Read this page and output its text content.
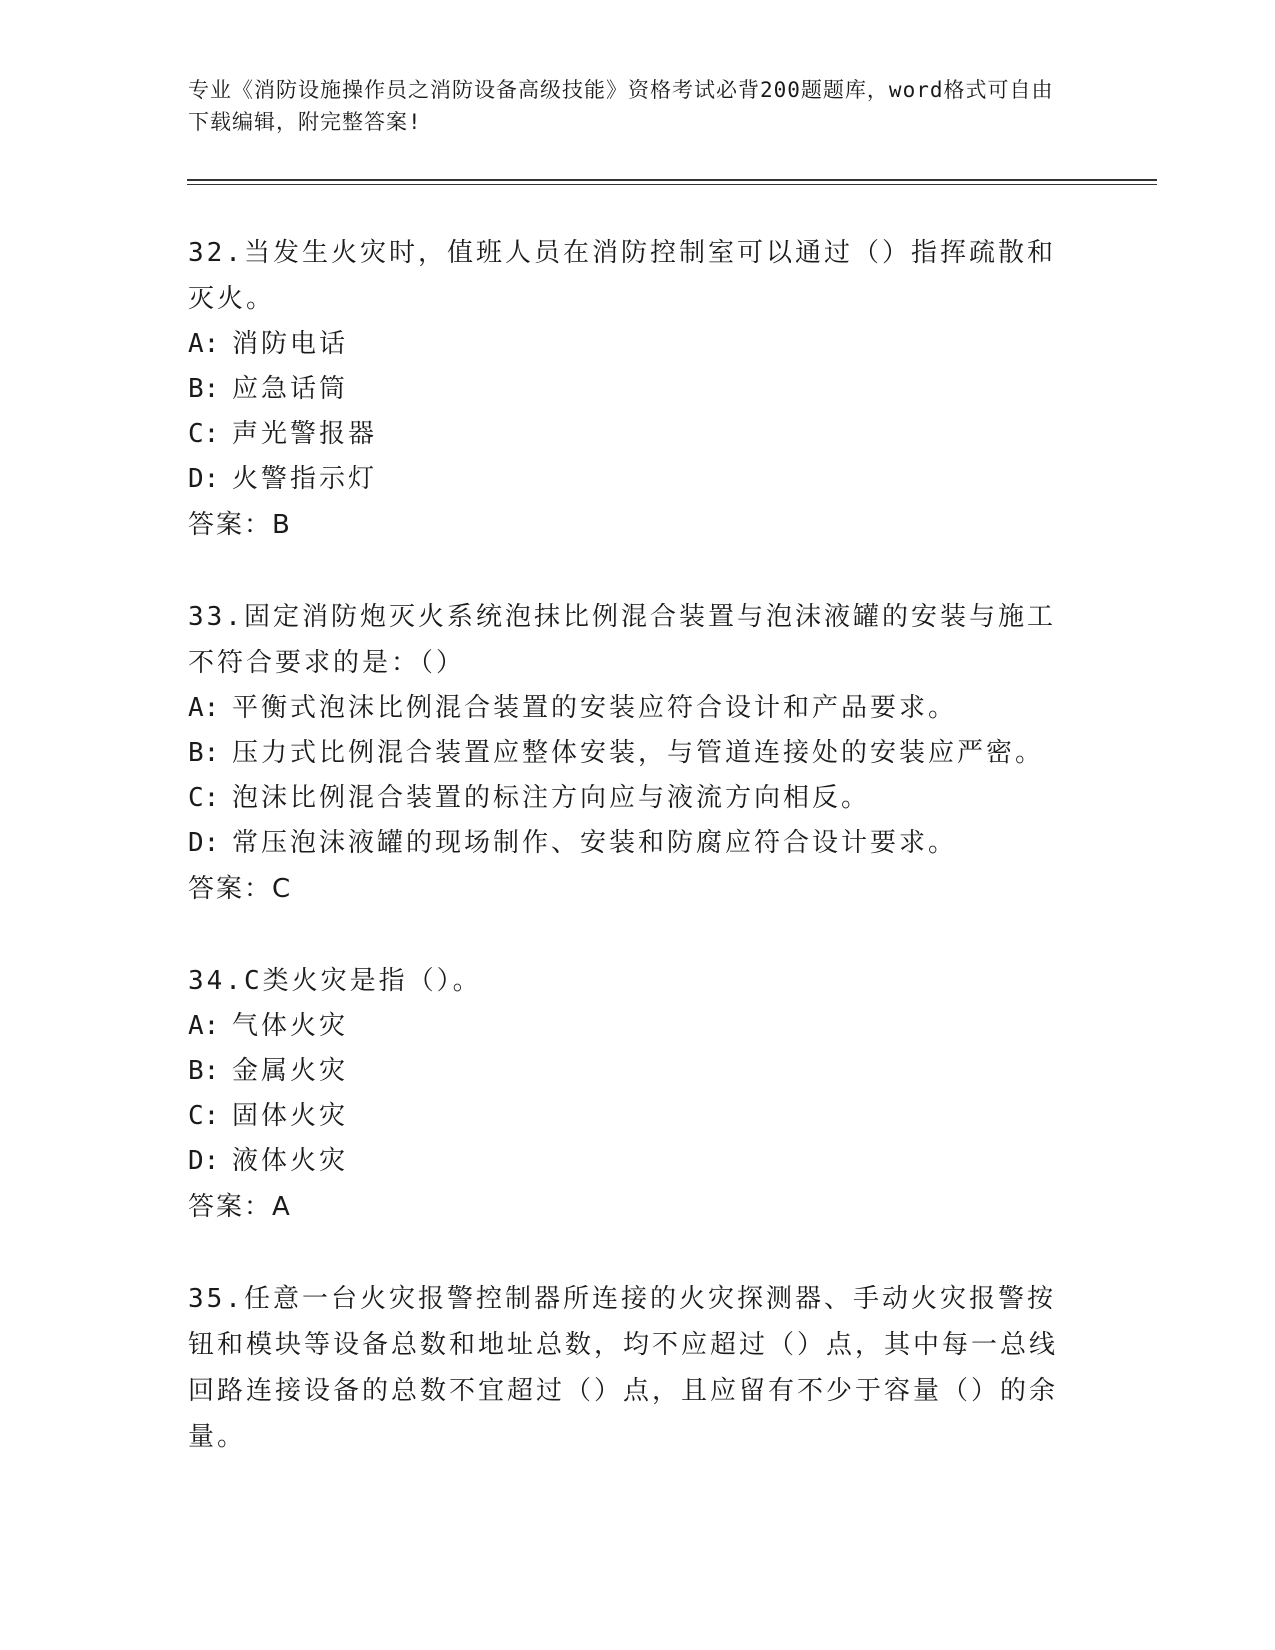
专业《消防设施操作员之消防设备高级技能》资格考试必背200题题库，word格式可自由下载编辑，附完整答案!
32.当发生火灾时，值班人员在消防控制室可以通过（）指挥疏散和灭火。
A: 消防电话
B: 应急话筒
C: 声光警报器
D: 火警指示灯
答案：B
33.固定消防炮灭火系统泡抹比例混合装置与泡沫液罐的安装与施工不符合要求的是：（）
A: 平衡式泡沫比例混合装置的安装应符合设计和产品要求。
B: 压力式比例混合装置应整体安装，与管道连接处的安装应严密。
C: 泡沫比例混合装置的标注方向应与液流方向相反。
D: 常压泡沫液罐的现场制作、安装和防腐应符合设计要求。
答案：C
34.C类火灾是指（）。
A: 气体火灾
B: 金属火灾
C: 固体火灾
D: 液体火灾
答案：A
35.任意一台火灾报警控制器所连接的火灾探测器、手动火灾报警按钮和模块等设备总数和地址总数，均不应超过（）点，其中每一总线回路连接设备的总数不宜超过（）点，且应留有不少于容量（）的余量。
